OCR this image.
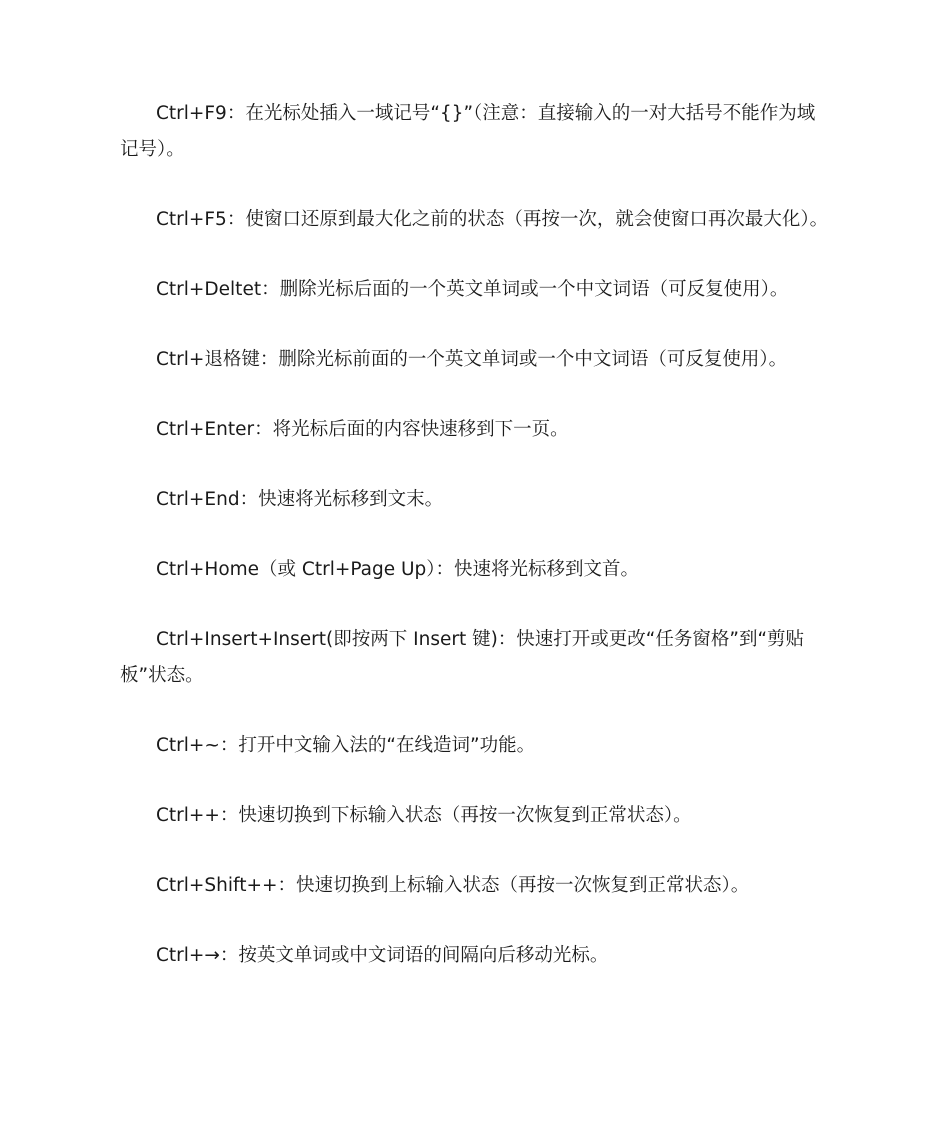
Ctrl+F9：在光标处插入一域记号“{}”（注意：直接输入的一对大括号不能作为域记号）。

Ctrl+F5：使窗口还原到最大化之前的状态（再按一次，就会使窗口再次最大化）。

Ctrl+Deltet：删除光标后面的一个英文单词或一个中文词语（可反复使用）。

Ctrl+退格键：删除光标前面的一个英文单词或一个中文词语（可反复使用）。

Ctrl+Enter：将光标后面的内容快速移到下一页。

Ctrl+End：快速将光标移到文末。

Ctrl+Home（或 Ctrl+Page Up）：快速将光标移到文首。

Ctrl+Insert+Insert(即按两下 Insert 键)：快速打开或更改“任务窗格”到“剪贴板”状态。

Ctrl+~：打开中文输入法的“在线造词”功能。

Ctrl++：快速切换到下标输入状态（再按一次恢复到正常状态）。

Ctrl+Shift++：快速切换到上标输入状态（再按一次恢复到正常状态）。

Ctrl+→：按英文单词或中文词语的间隔向后移动光标。
